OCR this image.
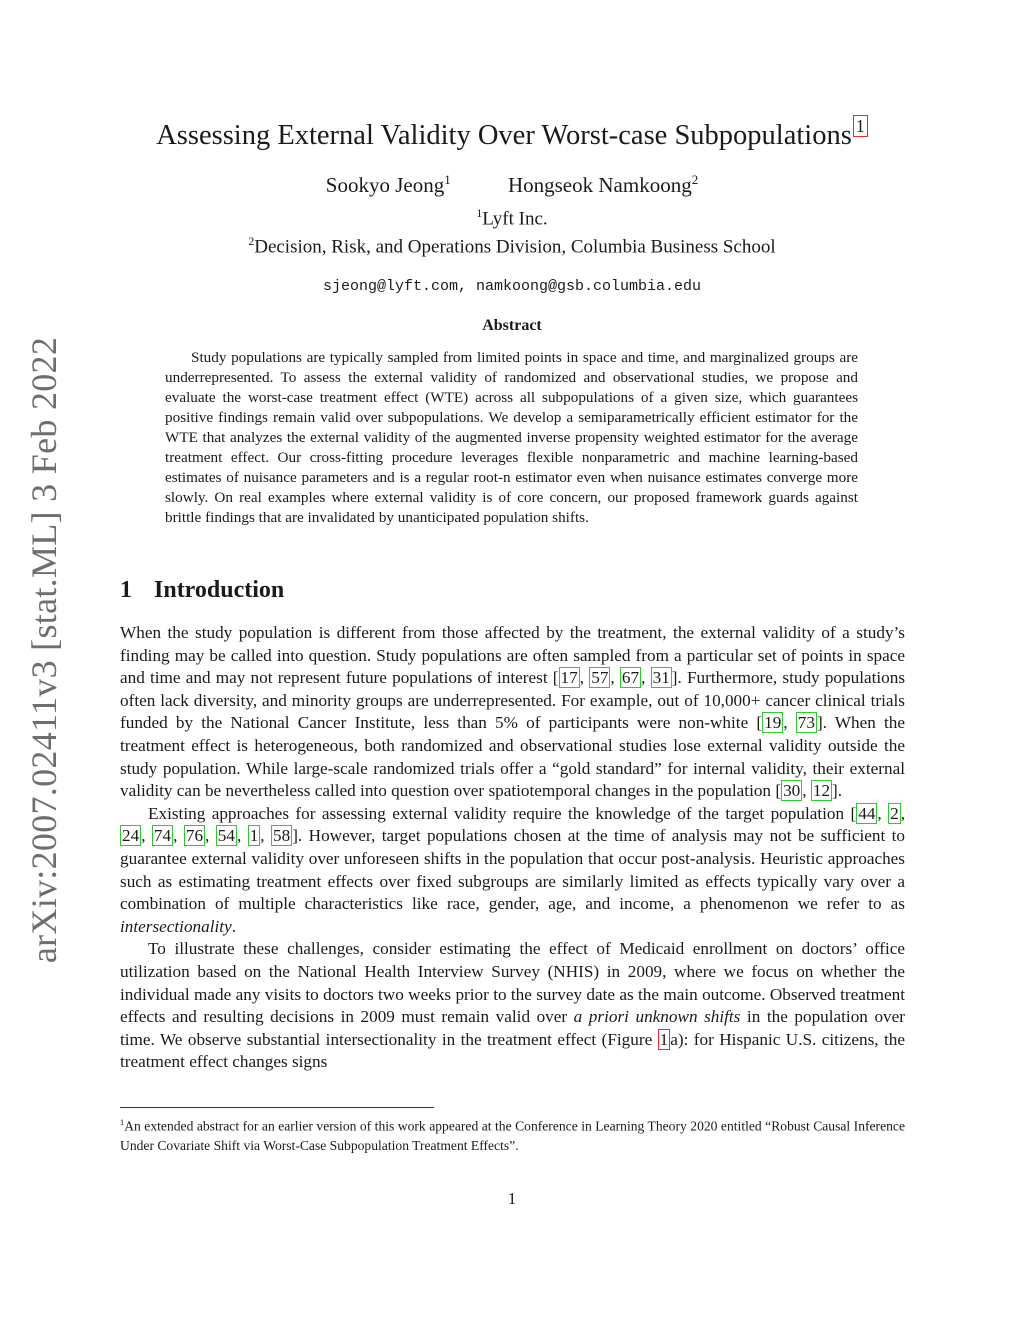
arXiv:2007.02411v3 [stat.ML] 3 Feb 2022
Assessing External Validity Over Worst-case Subpopulations 1
Sookyo Jeong$^1$	Hongseok Namkoong$^2$
$^1$Lyft Inc.
$^2$Decision, Risk, and Operations Division, Columbia Business School
sjeong@lyft.com, namkoong@gsb.columbia.edu
Abstract

Study populations are typically sampled from limited points in space and time, and marginalized groups are underrepresented. To assess the external validity of randomized and observational studies, we propose and evaluate the worst-case treatment effect (WTE) across all subpopulations of a given size, which guarantees positive findings remain valid over subpopulations. We develop a semiparametrically efficient estimator for the WTE that analyzes the external validity of the augmented inverse propensity weighted estimator for the average treatment effect. Our cross-fitting procedure leverages flexible nonparametric and machine learning-based estimates of nuisance parameters and is a regular root-n estimator even when nuisance estimates converge more slowly. On real examples where external validity is of core concern, our proposed framework guards against brittle findings that are invalidated by unanticipated population shifts.

1 Introduction

When the study population is different from those affected by the treatment, the external validity of a study’s finding may be called into question. Study populations are often sampled from a particular set of points in space and time and may not represent future populations of interest [ 17 , 57 , 67 , 31 ]. Furthermore, study populations often lack diversity, and minority groups are underrepresented. For example, out of 10,000+ cancer clinical trials funded by the National Cancer Institute, less than 5% of participants were non-white [ 19 , 73 ]. When the treatment effect is heterogeneous, both randomized and observational studies lose external validity outside the study population. While large-scale randomized trials offer a “gold standard” for internal validity, their external validity can be nevertheless called into question over spatiotemporal changes in the population [ 30 , 12 ].

Existing approaches for assessing external validity require the knowledge of the target population [ 44 , 2 , 24 , 74 , 76 , 54 , 1 , 58 ]. However, target populations chosen at the time of analysis may not be sufficient to guarantee external validity over unforeseen shifts in the population that occur post-analysis. Heuristic approaches such as estimating treatment effects over fixed subgroups are similarly limited as effects typically vary over a combination of multiple characteristics like race, gender, age, and income, a phenomenon we refer to as intersectionality.

To illustrate these challenges, consider estimating the effect of Medicaid enrollment on doctors’ office utilization based on the National Health Interview Survey (NHIS) in 2009, where we focus on whether the individual made any visits to doctors two weeks prior to the survey date as the main outcome. Observed treatment effects and resulting decisions in 2009 must remain valid over a priori unknown shifts in the population over time. We observe substantial intersectionality in the treatment effect (Figure 1 a): for Hispanic U.S. citizens, the treatment effect changes signs

$^1$An extended abstract for an earlier version of this work appeared at the Conference in Learning Theory 2020 entitled “Robust Causal Inference Under Covariate Shift via Worst-Case Subpopulation Treatment Effects”.

1
